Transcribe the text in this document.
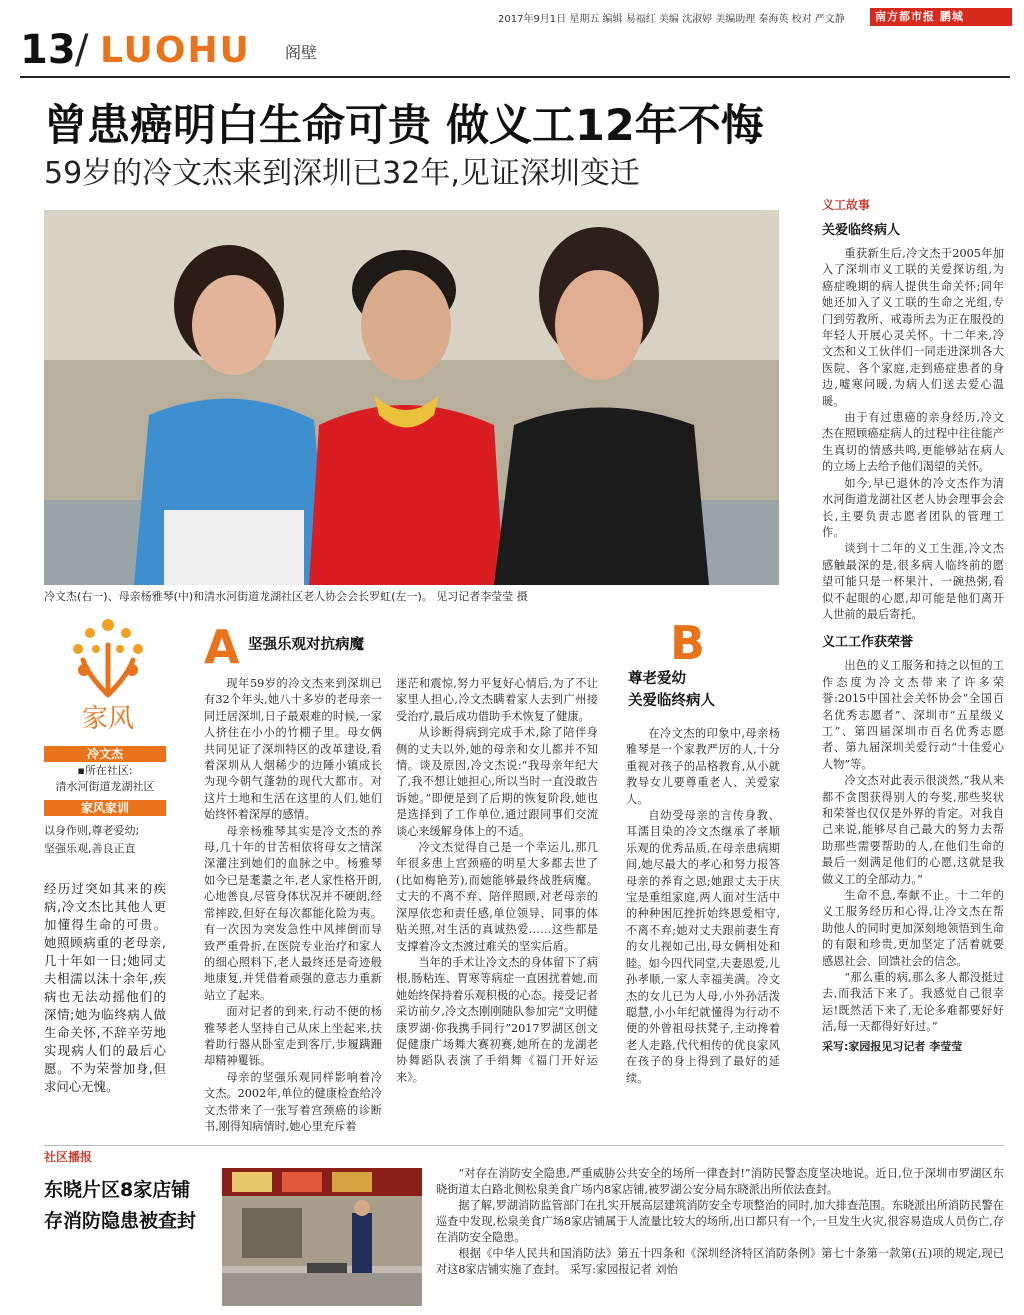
2017年9月1日 星期五 编辑 易福红 美编 沈淑婷 美编助理 秦海英 校对 严文静	南方都市报 鹏城
13 / LUOHU 阁壁
曾患癌明白生命可贵 做义工12年不悔
59岁的冷文杰来到深圳已32年,见证深圳变迁
冷文杰(右一)、母亲杨雅琴(中)和清水河街道龙湖社区老人协会会长罗虹(左一)。 见习记者李莹莹 摄
义工故事
关爱临终病人

重获新生后,冷文杰于2005年加入了深圳市义工联的关爱探访组,为癌症晚期的病人提供生命关怀;同年她还加入了义工联的生命之光组,专门到劳教所、戒毒所去为正在服役的年轻人开展心灵关怀。十二年来,冷文杰和义工伙伴们一同走进深圳各大医院、各个家庭,走到癌症患者的身边,嘘寒问暖,为病人们送去爱心温暖。

由于有过患癌的亲身经历,冷文杰在照顾癌症病人的过程中往往能产生真切的情感共鸣,更能够站在病人的立场上去给予他们渴望的关怀。

如今,早已退休的冷文杰作为清水河街道龙湖社区老人协会理事会会长,主要负责志愿者团队的管理工作。

谈到十二年的义工生涯,冷文杰感触最深的是,很多病人临终前的愿望可能只是一杯果汁、一碗热粥,看似不起眼的心愿,却可能是他们离开人世前的最后寄托。

义工工作获荣誉

出色的义工服务和持之以恒的工作态度为冷文杰带来了许多荣誉:2015中国社会关怀协会“全国百名优秀志愿者”、深圳市“五星级义工”、第四届深圳市百名优秀志愿者、第九届深圳关爱行动“十佳爱心人物”等。

冷文杰对此表示很淡然,“我从来都不贪图获得别人的夸奖,那些奖状和荣誉也仅仅是外界的肯定。对我自己来说,能够尽自己最大的努力去帮助那些需要帮助的人,在他们生命的最后一刻满足他们的心愿,这就是我做义工的全部动力。”

生命不息,奉献不止。十二年的义工服务经历和心得,让冷文杰在帮助他人的同时更加深刻地领悟到生命的有限和珍贵,更加坚定了活着就要感恩社会、回馈社会的信念。

“那么重的病,那么多人都没挺过去,而我活下来了。我感觉自己很幸运!既然活下来了,无论多难都要好好活,每一天都得好好过。”

采写:家园报见习记者 李莹莹
家风
冷文杰
▪所在社区:
清水河街道龙湖社区
家风家训
以身作则,尊老爱幼;
坚强乐观,善良正直
经历过突如其来的疾病,冷文杰比其他人更加懂得生命的可贵。她照顾病重的老母亲,几十年如一日;她同丈夫相濡以沫十余年,疾病也无法动摇他们的深情;她为临终病人做生命关怀,不辞辛劳地实现病人们的最后心愿。不为荣誉加身,但求问心无愧。
A 坚强乐观对抗病魔

现年59岁的冷文杰来到深圳已有32个年头,她八十多岁的老母亲一同迁居深圳,日子最艰难的时候,一家人挤住在小小的竹棚子里。母女俩共同见证了深圳特区的改革建设,看着深圳从人烟稀少的边陲小镇成长为现今朝气蓬勃的现代大都市。对这片土地和生活在这里的人们,她们始终怀着深厚的感情。

母亲杨雅琴其实是冷文杰的养母,几十年的甘苦相依将母女之情深深灌注到她们的血脉之中。杨雅琴如今已是耄耋之年,老人家性格开朗,心地善良,尽管身体状况并不硬朗,经常摔跤,但好在每次都能化险为夷。有一次因为突发急性中风摔倒而导致严重骨折,在医院专业治疗和家人的细心照料下,老人最终还是奇迹般地康复,并凭借着顽强的意志力重新站立了起来。

面对记者的到来,行动不便的杨雅琴老人坚持自己从床上坐起来,扶着助行器从卧室走到客厅,步履蹒跚却精神矍铄。

母亲的坚强乐观同样影响着冷文杰。2002年,单位的健康检查给冷文杰带来了一张写着宫颈癌的诊断书,刚得知病情时,她心里充斥着

迷茫和震惊,努力平复好心情后,为了不让家里人担心,冷文杰瞒着家人去到广州接受治疗,最后成功借助手术恢复了健康。

从诊断得病到完成手术,除了陪伴身侧的丈夫以外,她的母亲和女儿都并不知情。谈及原因,冷文杰说:“我母亲年纪大了,我不想让她担心,所以当时一直没敢告诉她。”即便是到了后期的恢复阶段,她也是选择到了工作单位,通过跟同事们交流谈心来缓解身体上的不适。

冷文杰觉得自己是一个幸运儿,那几年很多患上宫颈癌的明星大多都去世了(比如梅艳芳),而她能够最终战胜病魔。丈夫的不离不弃、陪伴照顾,对老母亲的深厚依恋和责任感,单位领导、同事的体贴关照,对生活的真诚热爱……这些都是支撑着冷文杰渡过难关的坚实后盾。

当年的手术让冷文杰的身体留下了病根,肠粘连、胃寒等病症一直困扰着她,而她始终保持着乐观积极的心态。接受记者采访前夕,冷文杰刚刚随队参加完“文明健康罗湖·你我携手同行”2017罗湖区创文促健康广场舞大赛初赛,她所在的龙湖老协舞蹈队表演了手绢舞《福门开好运来》。

B
尊老爱幼
关爱临终病人

在冷文杰的印象中,母亲杨雅琴是一个家教严厉的人,十分重视对孩子的品格教育,从小就教导女儿要尊重老人、关爱家人。

自幼受母亲的言传身教、耳濡目染的冷文杰继承了孝顺乐观的优秀品质,在母亲患病期间,她尽最大的孝心和努力报答母亲的养育之恩;她跟丈夫于庆宝是重组家庭,两人面对生活中的种种困厄挫折始终恩爱相守,不离不弃;她对丈夫跟前妻生育的女儿视如己出,母女俩相处和睦。如今四代同堂,夫妻恩爱,儿孙孝顺,一家人幸福美满。冷文杰的女儿已为人母,小外孙活泼聪慧,小小年纪就懂得为行动不便的外曾祖母扶凳子,主动搀着老人走路,代代相传的优良家风在孩子的身上得到了最好的延续。

社区播报
东晓片区8家店铺
存消防隐患被查封

“对存在消防安全隐患,严重威胁公共安全的场所一律查封!”消防民警态度坚决地说。近日,位于深圳市罗湖区东晓街道太白路北侧松泉美食广场内8家店铺,被罗湖公安分局东晓派出所依法查封。

据了解,罗湖消防监管部门在扎实开展高层建筑消防安全专项整治的同时,加大排查范围。东晓派出所消防民警在巡查中发现,松泉美食广场8家店铺属于人流量比较大的场所,出口都只有一个,一旦发生火灾,很容易造成人员伤亡,存在消防安全隐患。

根据《中华人民共和国消防法》第五十四条和《深圳经济特区消防条例》第七十条第一款第(五)项的规定,现已对这8家店铺实施了查封。 采写:家园报记者 刘怡
